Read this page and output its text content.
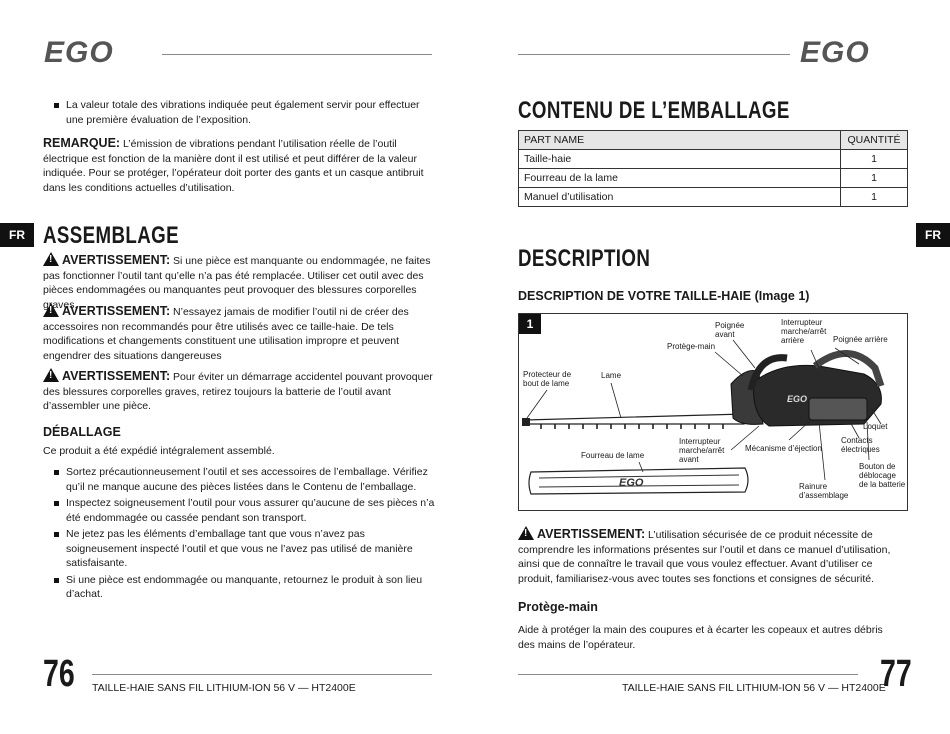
EGO
La valeur totale des vibrations indiquée peut également servir pour effectuer une première évaluation de l’exposition.
REMARQUE: L’émission de vibrations pendant l’utilisation réelle de l’outil électrique est fonction de la manière dont il est utilisé et peut différer de la valeur indiquée. Pour se protéger, l’opérateur doit porter des gants et un casque antibruit dans les conditions actuelles d’utilisation.
FR ASSEMBLAGE
!AVERTISSEMENT: Si une pièce est manquante ou endommagée, ne faites pas fonctionner l’outil tant qu’elle n’a pas été remplacée. Utiliser cet outil avec des pièces endommagées ou manquantes peut provoquer des blessures corporelles graves.
!AVERTISSEMENT: N’essayez jamais de modifier l’outil ni de créer des accessoires non recommandés pour être utilisés avec ce taille-haie. De tels modifications et changements constituent une utilisation impropre et peuvent engendrer des situations dangereuses
!AVERTISSEMENT: Pour éviter un démarrage accidentel pouvant provoquer des blessures corporelles graves, retirez toujours la batterie de l’outil avant d’assembler une pièce.
DÉBALLAGE
Ce produit a été expédié intégralement assemblé.
Sortez précautionneusement l’outil et ses accessoires de l’emballage. Vérifiez qu’il ne manque aucune des pièces listées dans le Contenu de l’emballage.
Inspectez soigneusement l’outil pour vous assurer qu’aucune de ses pièces n’a été endommagée ou cassée pendant son transport.
Ne jetez pas les éléments d’emballage tant que vous n’avez pas soigneusement inspecté l’outil et que vous ne l’avez pas utilisé de manière satisfaisante.
Si une pièce est endommagée ou manquante, retournez le produit à son lieu d’achat.
76 TAILLE-HAIE SANS FIL LITHIUM-ION 56 V — HT2400E
EGO
CONTENU DE L’EMBALLAGE
PART NAME	QUANTITÉ
Taille-haie	1
Fourreau de la lame	1
Manuel d’utilisation	1
FR
DESCRIPTION
DESCRIPTION DE VOTRE TAILLE-HAIE (Image 1)
1
EGO
EGO
Protecteur de bout de lame
Lame
Protège-main
Poignée avant
Interrupteur marche/arrêt arrière	Poignée arrière
Loquet
Contacts électriques
Bouton de déblocage de la batterie
Rainure d’assemblage
Mécanisme d’éjection
Interrupteur marche/arrêt avant
Fourreau de lame
!AVERTISSEMENT: L’utilisation sécurisée de ce produit nécessite de comprendre les informations présentes sur l’outil et dans ce manuel d’utilisation, ainsi que de connaître le travail que vous voulez effectuer. Avant d’utiliser ce produit, familiarisez-vous avec toutes ses fonctions et consignes de sécurité.
Protège-main
Aide à protéger la main des coupures et à écarter les copeaux et autres débris des mains de l’opérateur.
TAILLE-HAIE SANS FIL LITHIUM-ION 56 V — HT2400E
77
